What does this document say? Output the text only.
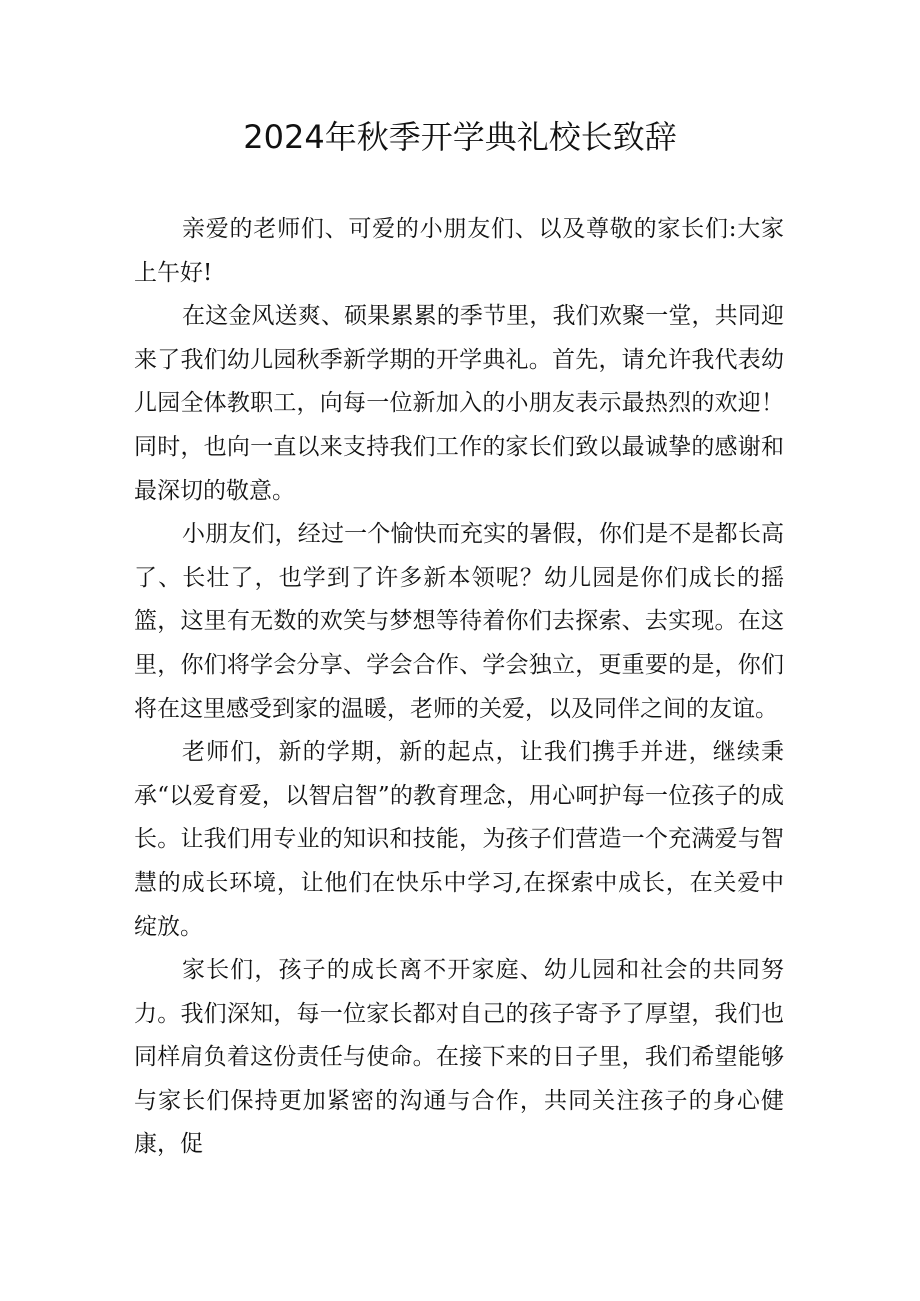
2024年秋季开学典礼校长致辞

亲爱的老师们、可爱的小朋友们、以及尊敬的家长们:大家上午好!

在这金风送爽、硕果累累的季节里，我们欢聚一堂，共同迎来了我们幼儿园秋季新学期的开学典礼。首先，请允许我代表幼儿园全体教职工，向每一位新加入的小朋友表示最热烈的欢迎！同时，也向一直以来支持我们工作的家长们致以最诚挚的感谢和最深切的敬意。

小朋友们，经过一个愉快而充实的暑假，你们是不是都长高了、长壮了，也学到了许多新本领呢？幼儿园是你们成长的摇篮，这里有无数的欢笑与梦想等待着你们去探索、去实现。在这里，你们将学会分享、学会合作、学会独立，更重要的是，你们将在这里感受到家的温暖，老师的关爱，以及同伴之间的友谊。

老师们，新的学期，新的起点，让我们携手并进，继续秉承“以爱育爱，以智启智”的教育理念，用心呵护每一位孩子的成长。让我们用专业的知识和技能，为孩子们营造一个充满爱与智慧的成长环境，让他们在快乐中学习,在探索中成长，在关爱中绽放。

家长们，孩子的成长离不开家庭、幼儿园和社会的共同努力。我们深知，每一位家长都对自己的孩子寄予了厚望，我们也同样肩负着这份责任与使命。在接下来的日子里，我们希望能够与家长们保持更加紧密的沟通与合作，共同关注孩子的身心健康，促
